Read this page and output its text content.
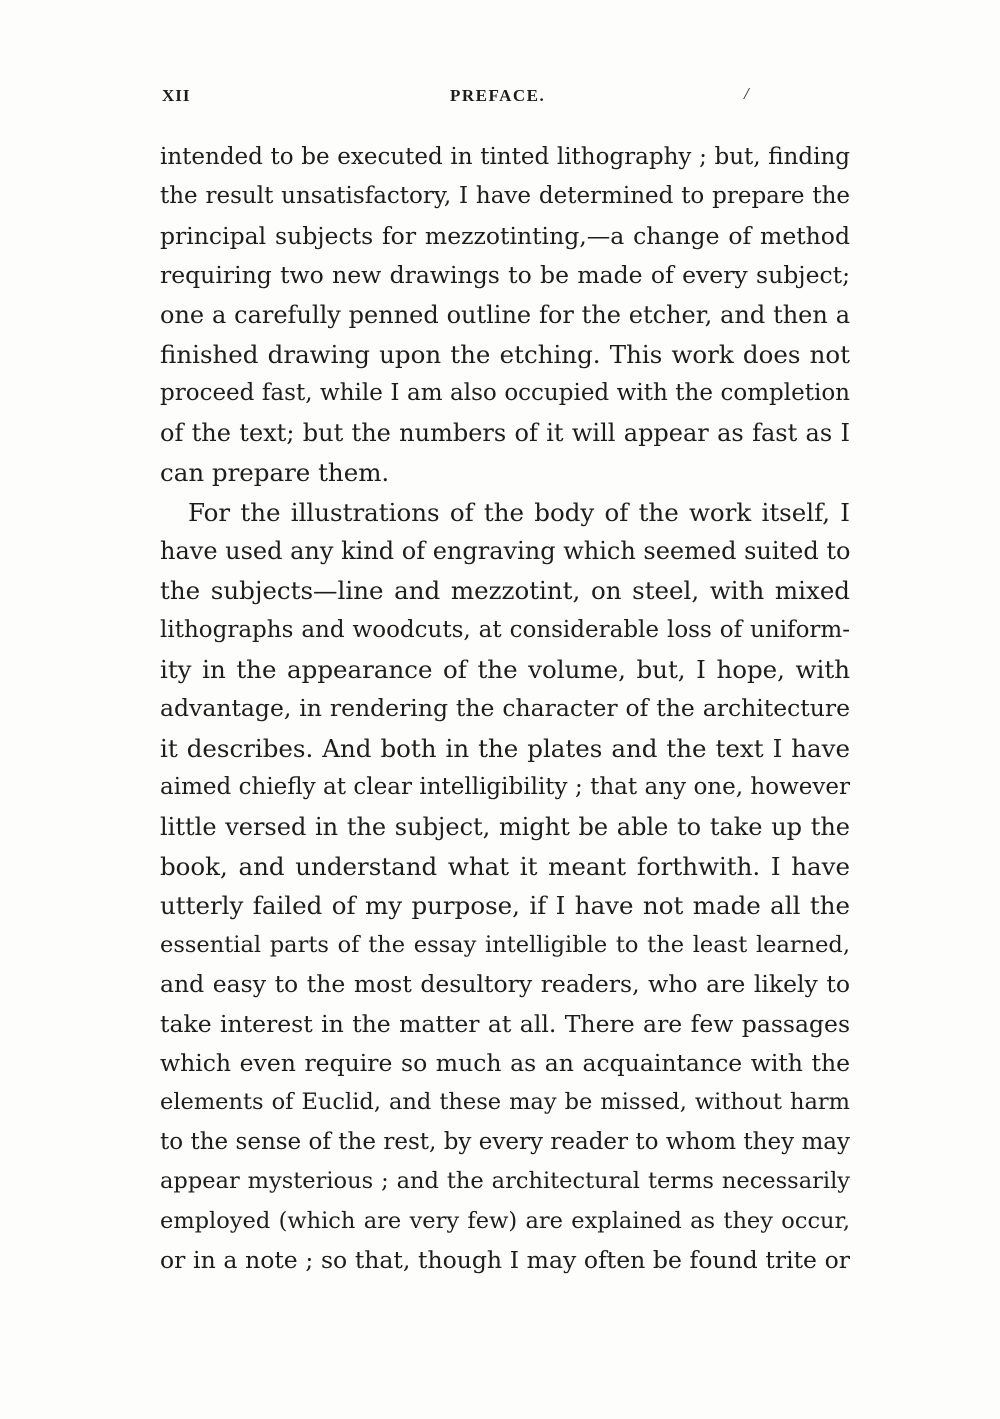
XII	PREFACE.	/
intended to be executed in tinted lithography ; but, finding
the result unsatisfactory, I have determined to prepare the
principal subjects for mezzotinting,—a change of method
requiring two new drawings to be made of every subject;
one a carefully penned outline for the etcher, and then a
finished drawing upon the etching. This work does not
proceed fast, while I am also occupied with the completion
of the text; but the numbers of it will appear as fast as I
can prepare them.
For the illustrations of the body of the work itself, I
have used any kind of engraving which seemed suited to
the subjects—line and mezzotint, on steel, with mixed
lithographs and woodcuts, at considerable loss of uniform-
ity in the appearance of the volume, but, I hope, with
advantage, in rendering the character of the architecture
it describes. And both in the plates and the text I have
aimed chiefly at clear intelligibility ; that any one, however
little versed in the subject, might be able to take up the
book, and understand what it meant forthwith. I have
utterly failed of my purpose, if I have not made all the
essential parts of the essay intelligible to the least learned,
and easy to the most desultory readers, who are likely to
take interest in the matter at all. There are few passages
which even require so much as an acquaintance with the
elements of Euclid, and these may be missed, without harm
to the sense of the rest, by every reader to whom they may
appear mysterious ; and the architectural terms necessarily
employed (which are very few) are explained as they occur,
or in a note ; so that, though I may often be found trite or
